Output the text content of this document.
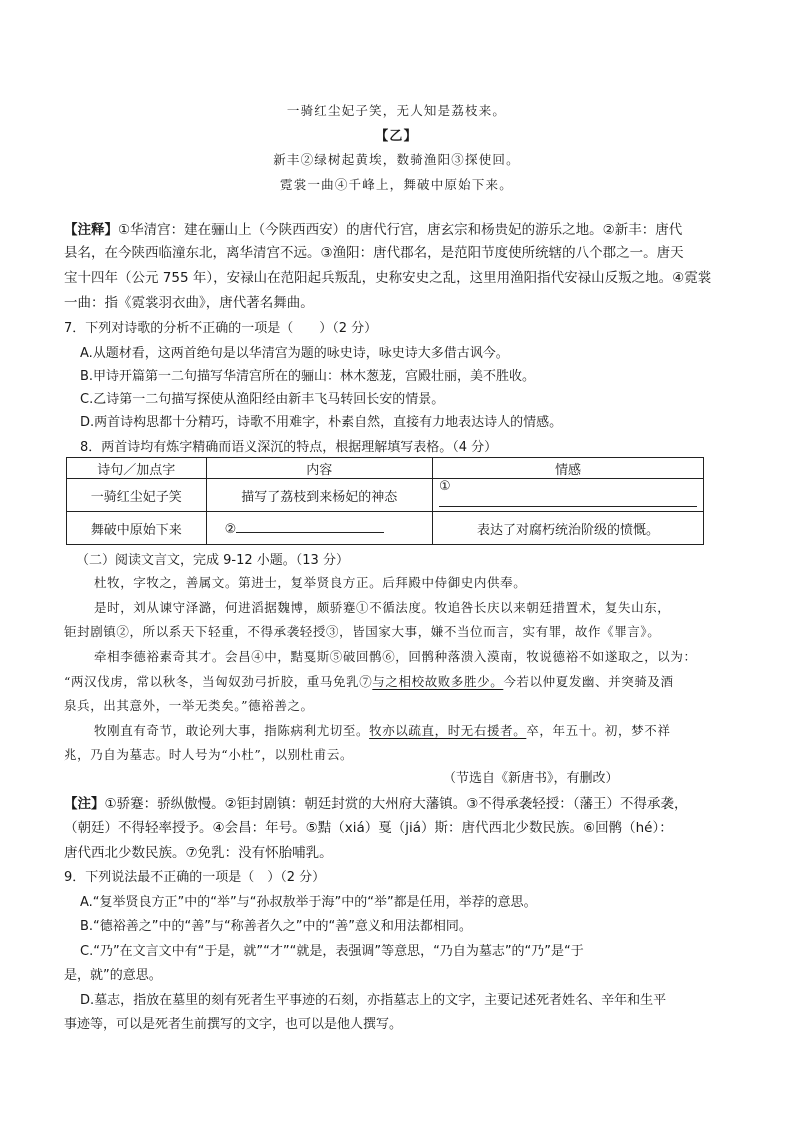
一骑红尘妃子笑，无人知是荔枝来。
【乙】
新丰②绿树起黄埃，数骑渔阳③探使回。
霓裳一曲④千峰上，舞破中原始下来。
【注释】①华清宫：建在骊山上（今陕西西安）的唐代行宫，唐玄宗和杨贵妃的游乐之地。②新丰：唐代
县名，在今陕西临潼东北，离华清宫不远。③渔阳：唐代郡名，是范阳节度使所统辖的八个郡之一。唐天
宝十四年（公元 755 年），安禄山在范阳起兵叛乱，史称安史之乱，这里用渔阳指代安禄山反叛之地。④霓裳
一曲：指《霓裳羽衣曲》，唐代著名舞曲。
7．下列对诗歌的分析不正确的一项是（　　）（2 分）
A.从题材看，这两首绝句是以华清宫为题的咏史诗，咏史诗大多借古讽今。
B.甲诗开篇第一二句描写华清宫所在的骊山：林木葱茏，宫殿壮丽，美不胜收。
C.乙诗第一二句描写探使从渔阳经由新丰飞马转回长安的情景。
D.两首诗构思都十分精巧，诗歌不用难字，朴素自然，直接有力地表达诗人的情感。
8．两首诗均有炼字精确而语义深沉的特点，根据理解填写表格。（4 分）
诗句／加点字	内容	情感
一骑红尘妃子笑	描写了荔枝到来杨妃的神态	①
舞破中原始下来	②	表达了对腐朽统治阶级的愤慨。
（二）阅读文言文，完成 9-12 小题。（13 分）
杜牧，字牧之，善属文。第进士，复举贤良方正。后拜殿中侍御史内供奉。
是时，刘从谏守泽潞，何进滔据魏博，颇骄蹇①不循法度。牧追咎长庆以来朝廷措置术，复失山东，
钜封剧镇②，所以系天下轻重，不得承袭轻授③，皆国家大事，嫌不当位而言，实有罪，故作《罪言》。
牵相李德裕素奇其才。会昌④中，黠戛斯⑤破回鹘⑥，回鹘种落溃入漠南，牧说德裕不如遂取之，以为：
“两汉伐虏，常以秋冬，当匈奴劲弓折胶，重马免乳⑦与之相校故败多胜少。今若以仲夏发幽、并突骑及酒
泉兵，出其意外，一举无类矣。”德裕善之。
牧刚直有奇节，敢论列大事，指陈病利尤切至。牧亦以疏直，时无右援者。卒，年五十。初，梦不祥
兆，乃自为墓志。时人号为“小杜”，以别杜甫云。
（节选自《新唐书》，有删改）
【注】①骄蹇：骄纵傲慢。②钜封剧镇：朝廷封赏的大州府大藩镇。③不得承袭轻授：（藩王）不得承袭，
（朝廷）不得轻率授予。④会昌：年号。⑤黠（xiá）戛（jiá）斯：唐代西北少数民族。⑥回鹘（hé）：
唐代西北少数民族。⑦免乳：没有怀胎哺乳。
9．下列说法最不正确的一项是（　）（2 分）
A.“复举贤良方正”中的“举”与“孙叔敖举于海”中的“举”都是任用，举荐的意思。
B.“德裕善之”中的“善”与“称善者久之”中的“善”意义和用法都相同。
C.“乃”在文言文中有“于是，就”“才”“就是，表强调”等意思，“乃自为墓志”的“乃”是“于
是，就”的意思。
D.墓志，指放在墓里的刻有死者生平事迹的石刻，亦指墓志上的文字，主要记述死者姓名、辛年和生平
事迹等，可以是死者生前撰写的文字，也可以是他人撰写。
